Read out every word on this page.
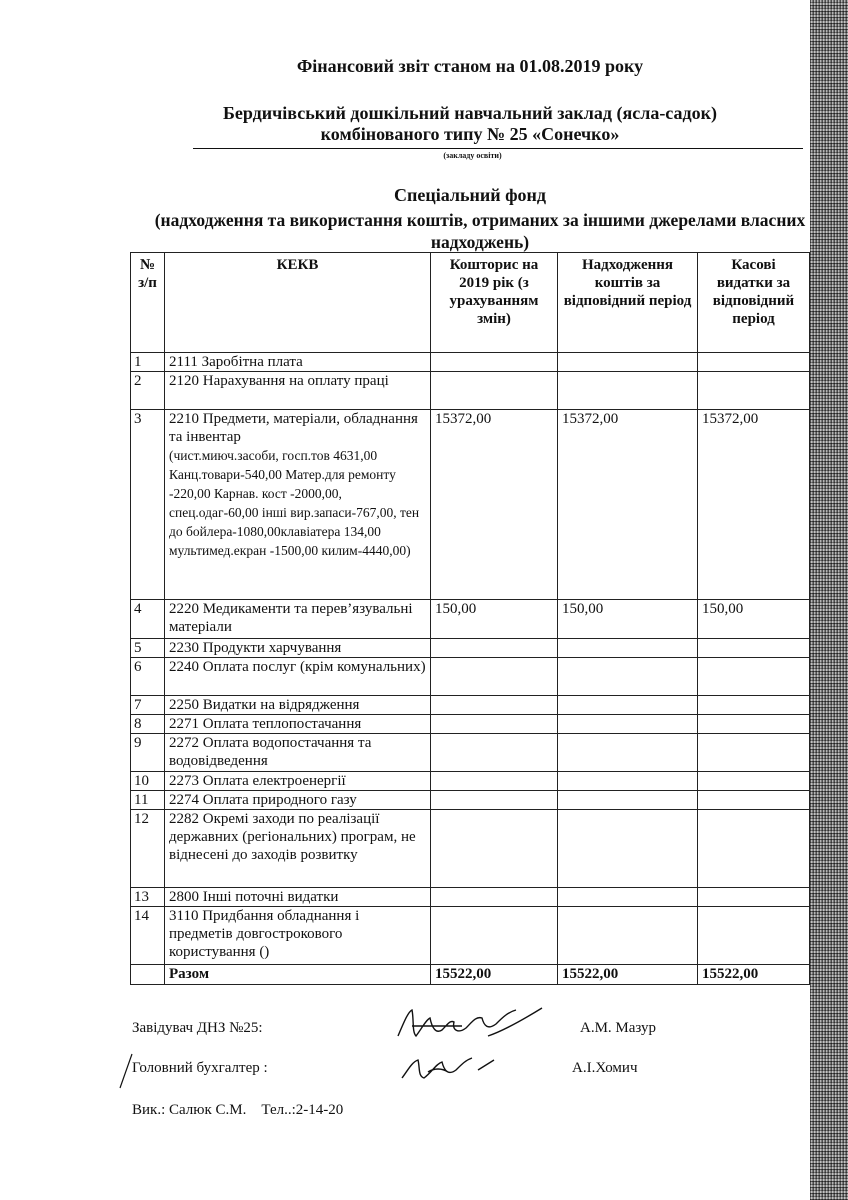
Фінансовий звіт станом на 01.08.2019 року
Бердичівський дошкільний навчальний заклад (ясла-садок)
комбінованого типу № 25 «Сонечко»
(закладу освіти)
Спеціальний фонд
(надходження та використання коштів, отриманих за іншими джерелами власних надходжень)
№ з/п	КЕКВ	Кошторис на 2019 рік (з урахуванням змін)	Надходження коштів за відповідний період	Касові видатки за відповідний період
1	2111 Заробітна плата			
2	2120 Нарахування на оплату праці			
3	2210 Предмети, матеріали, обладнання та інвентар
(чист.миюч.засоби, госп.тов 4631,00 Канц.товари-540,00 Матер.для ремонту -220,00 Карнав. кост -2000,00, спец.одаг-60,00 інші вир.запаси-767,00, тен до бойлера-1080,00клавіатера 134,00 мультимед.екран -1500,00 килим-4440,00)	15372,00	15372,00	15372,00
4	2220 Медикаменти та перев’язувальні матеріали	150,00	150,00	150,00
5	2230 Продукти харчування			
6	2240 Оплата послуг (крім комунальних)			
7	2250 Видатки на відрядження			
8	2271 Оплата теплопостачання			
9	2272 Оплата водопостачання та водовідведення			
10	2273 Оплата електроенергії			
11	2274 Оплата природного газу			
12	2282 Окремі заходи по реалізації державних (регіональних) програм, не віднесені до заходів розвитку			
13	2800 Інші поточні видатки			
14	3110 Придбання обладнання і предметів довгострокового користування ()			
	Разом	15522,00	15522,00	15522,00
Завідувач ДНЗ №25:	А.М. Мазур
Головний бухгалтер :	А.І.Хомич
Вик.: Салюк С.М. Тел..:2-14-20
